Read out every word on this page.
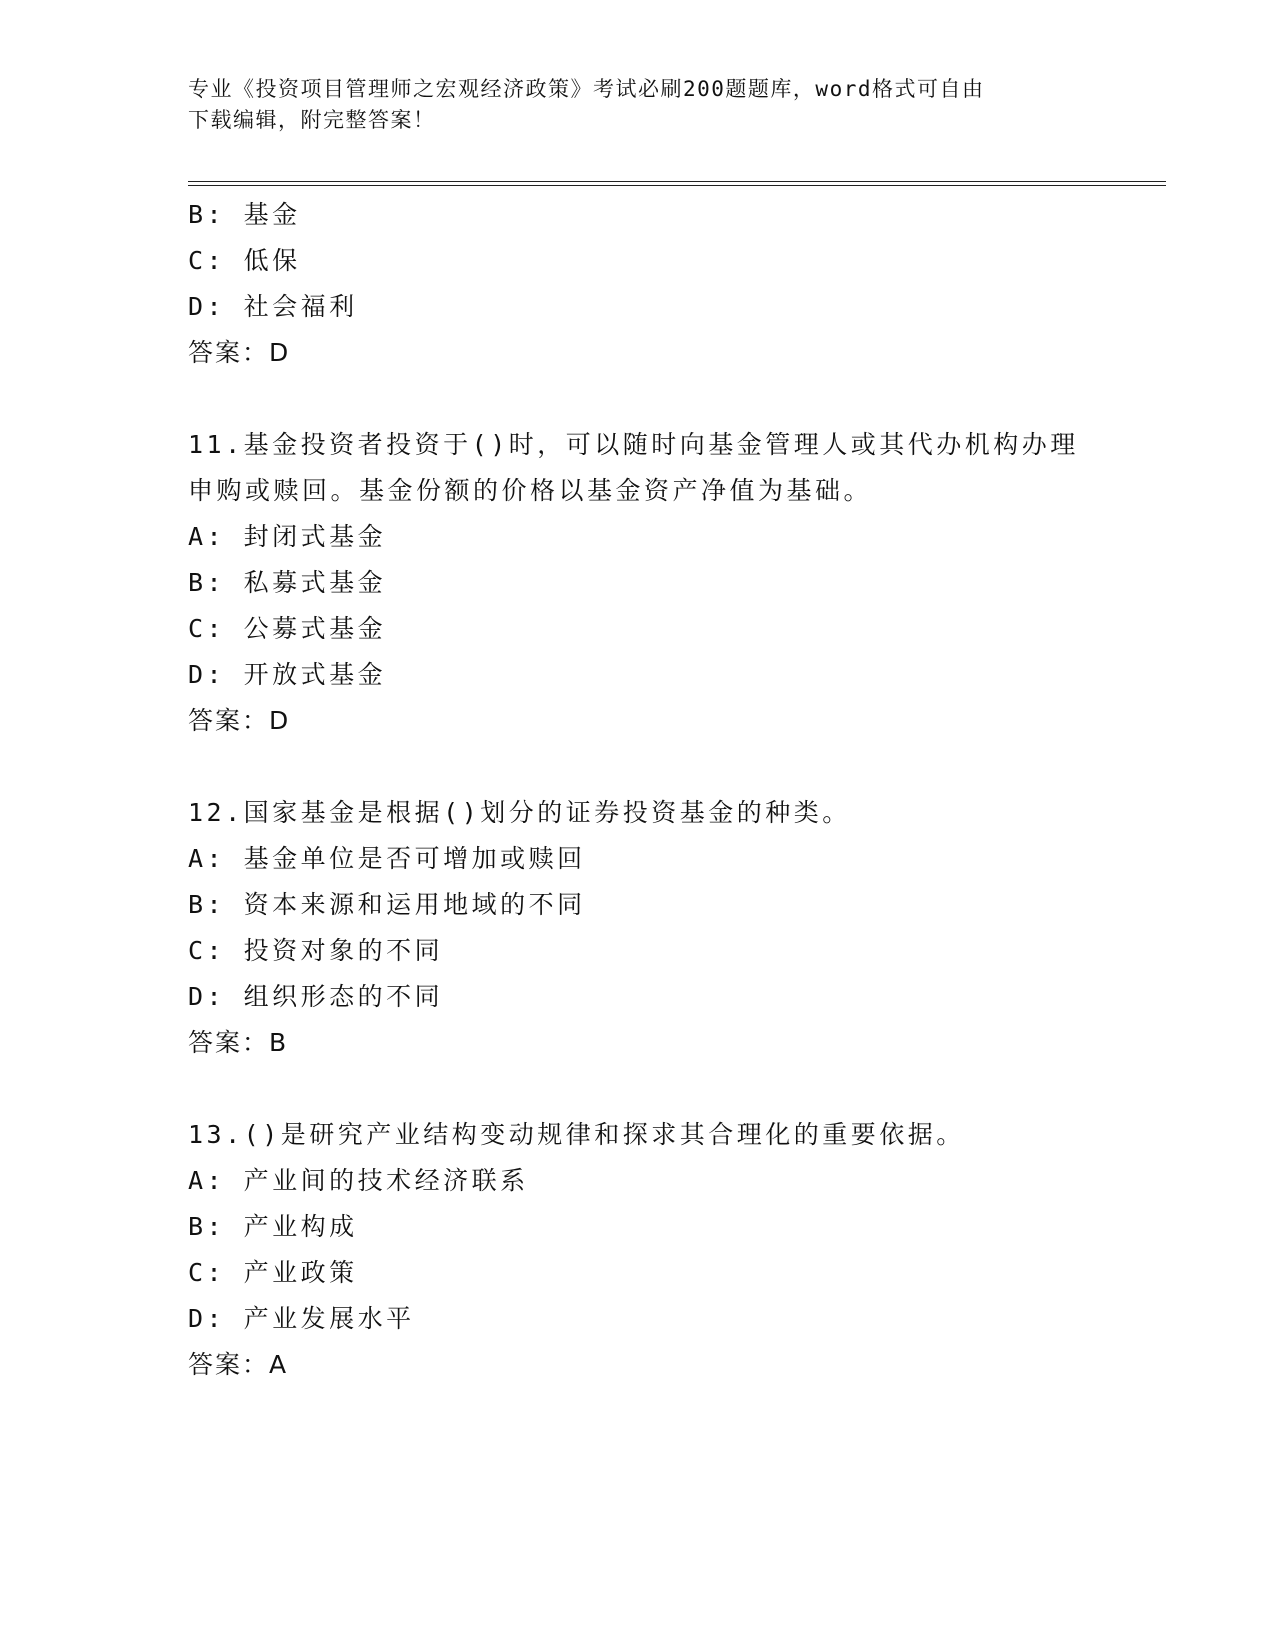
专业《投资项目管理师之宏观经济政策》考试必刷200题题库，word格式可自由
下载编辑，附完整答案！
B: 基金
C: 低保
D: 社会福利
答案：D
11.基金投资者投资于()时，可以随时向基金管理人或其代办机构办理
申购或赎回。基金份额的价格以基金资产净值为基础。
A: 封闭式基金
B: 私募式基金
C: 公募式基金
D: 开放式基金
答案：D
12.国家基金是根据()划分的证券投资基金的种类。
A: 基金单位是否可增加或赎回
B: 资本来源和运用地域的不同
C: 投资对象的不同
D: 组织形态的不同
答案：B
13.()是研究产业结构变动规律和探求其合理化的重要依据。
A: 产业间的技术经济联系
B: 产业构成
C: 产业政策
D: 产业发展水平
答案：A
